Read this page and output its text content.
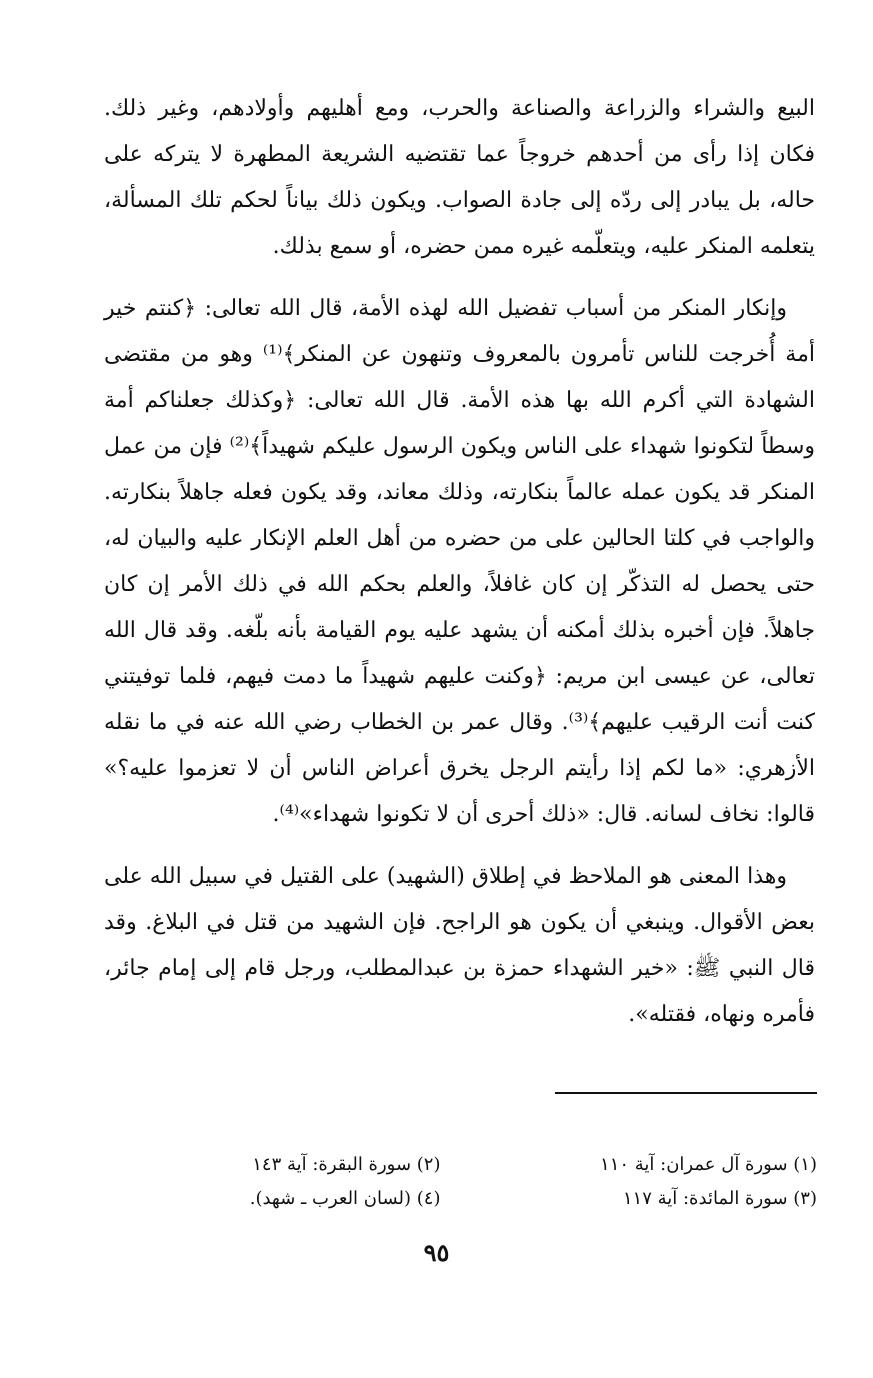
البيع والشراء والزراعة والصناعة والحرب، ومع أهليهم وأولادهم، وغير ذلك. فكان إذا رأى من أحدهم خروجاً عما تقتضيه الشريعة المطهرة لا يتركه على حاله، بل يبادر إلى ردّه إلى جادة الصواب. ويكون ذلك بياناً لحكم تلك المسألة، يتعلمه المنكر عليه، ويتعلّمه غيره ممن حضره، أو سمع بذلك.

وإنكار المنكر من أسباب تفضيل الله لهذه الأمة، قال الله تعالى: ﴿كنتم خير أمة أُخرجت للناس تأمرون بالمعروف وتنهون عن المنكر﴾⁽¹⁾ وهو من مقتضى الشهادة التي أكرم الله بها هذه الأمة. قال الله تعالى: ﴿وكذلك جعلناكم أمة وسطاً لتكونوا شهداء على الناس ويكون الرسول عليكم شهيداً﴾⁽²⁾ فإن من عمل المنكر قد يكون عمله عالماً بنكارته، وذلك معاند، وقد يكون فعله جاهلاً بنكارته. والواجب في كلتا الحالين على من حضره من أهل العلم الإنكار عليه والبيان له، حتى يحصل له التذكّر إن كان غافلاً، والعلم بحكم الله في ذلك الأمر إن كان جاهلاً. فإن أخبره بذلك أمكنه أن يشهد عليه يوم القيامة بأنه بلّغه. وقد قال الله تعالى، عن عيسى ابن مريم: ﴿وكنت عليهم شهيداً ما دمت فيهم، فلما توفيتني كنت أنت الرقيب عليهم﴾⁽³⁾. وقال عمر بن الخطاب رضي الله عنه في ما نقله الأزهري: «ما لكم إذا رأيتم الرجل يخرق أعراض الناس أن لا تعزموا عليه؟» قالوا: نخاف لسانه. قال: «ذلك أحرى أن لا تكونوا شهداء»⁽⁴⁾.

وهذا المعنى هو الملاحظ في إطلاق (الشهيد) على القتيل في سبيل الله على بعض الأقوال. وينبغي أن يكون هو الراجح. فإن الشهيد من قتل في البلاغ. وقد قال النبي ﷺ: «خير الشهداء حمزة بن عبدالمطلب، ورجل قام إلى إمام جائر، فأمره ونهاه، فقتله».

(١) سورة آل عمران: آية ١١٠
(٢) سورة البقرة: آية ١٤٣
(٣) سورة المائدة: آية ١١٧
(٤) (لسان العرب ـ شهد).
٩٥
